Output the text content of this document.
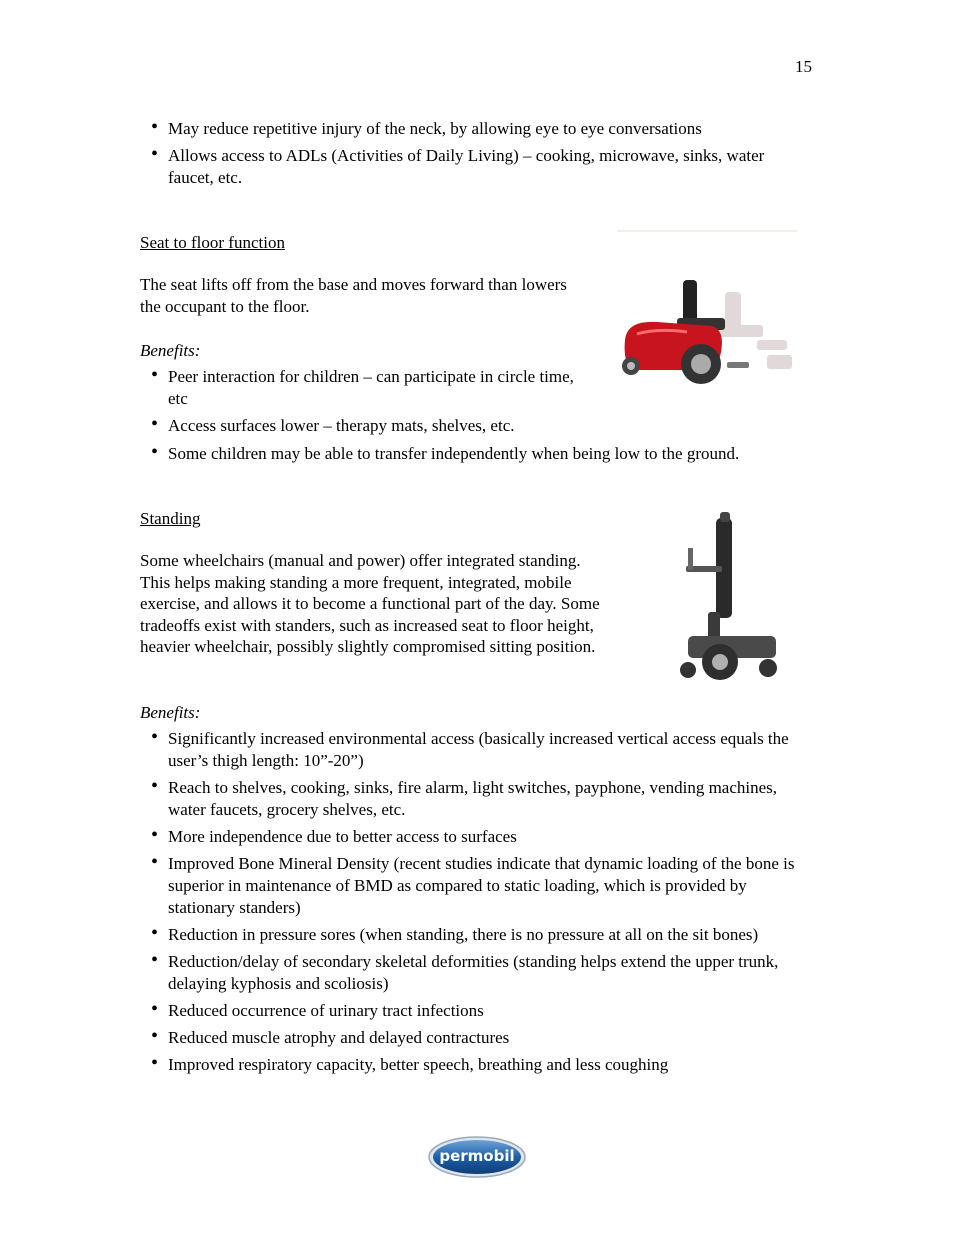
15
• May reduce repetitive injury of the neck, by allowing eye to eye conversations
• Allows access to ADLs (Activities of Daily Living) – cooking, microwave, sinks, water faucet, etc.
Seat to floor function
The seat lifts off from the base and moves forward than lowers the occupant to the floor.
Benefits:
• Peer interaction for children – can participate in circle time, etc
• Access surfaces lower – therapy mats, shelves, etc.
• Some children may be able to transfer independently when being low to the ground.
Standing
Some wheelchairs (manual and power) offer integrated standing. This helps making standing a more frequent, integrated, mobile exercise, and allows it to become a functional part of the day. Some tradeoffs exist with standers, such as increased seat to floor height, heavier wheelchair, possibly slightly compromised sitting position.
Benefits:
• Significantly increased environmental access (basically increased vertical access equals the user’s thigh length: 10”-20”)
• Reach to shelves, cooking, sinks, fire alarm, light switches, payphone, vending machines, water faucets, grocery shelves, etc.
• More independence due to better access to surfaces
• Improved Bone Mineral Density (recent studies indicate that dynamic loading of the bone is superior in maintenance of BMD as compared to static loading, which is provided by stationary standers)
• Reduction in pressure sores (when standing, there is no pressure at all on the sit bones)
• Reduction/delay of secondary skeletal deformities (standing helps extend the upper trunk, delaying kyphosis and scoliosis)
• Reduced occurrence of urinary tract infections
• Reduced muscle atrophy and delayed contractures
• Improved respiratory capacity, better speech, breathing and less coughing
permobil
